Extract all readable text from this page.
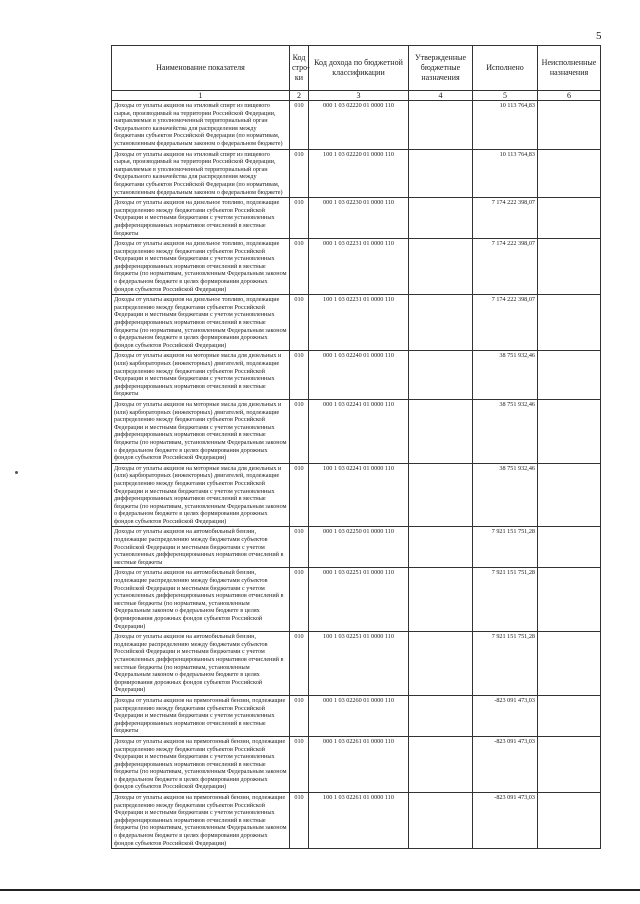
5
Наименование показателя	Код стро-ки	Код дохода по бюджетной классификации	Утвержденные бюджетные назначения	Исполнено	Неисполненные назначения
1	2	3	4	5	6
Доходы от уплаты акцизов на этиловый спирт из пищевого сырья, производимый на территории Российской Федерации, направляемые в уполномоченный территориальный орган Федерального казначейства для распределения между бюджетами субъектов Российской Федерации (по нормативам, установленным федеральным законом о федеральном бюджете)	010	000 1 03 02220 01 0000 110		10 113 764,83	
Доходы от уплаты акцизов на этиловый спирт из пищевого сырья, производимый на территории Российской Федерации, направляемые в уполномоченный территориальный орган Федерального казначейства для распределения между бюджетами субъектов Российской Федерации (по нормативам, установленным федеральным законом о федеральном бюджете)	010	100 1 03 02220 01 0000 110		10 113 764,83	
Доходы от уплаты акцизов на дизельное топливо, подлежащие распределению между бюджетами субъектов Российской Федерации и местными бюджетами с учетом установленных дифференцированных нормативов отчислений в местные бюджеты	010	000 1 03 02230 01 0000 110		7 174 222 398,07	
Доходы от уплаты акцизов на дизельное топливо, подлежащие распределению между бюджетами субъектов Российской Федерации и местными бюджетами с учетом установленных дифференцированных нормативов отчислений в местные бюджеты (по нормативам, установленным Федеральным законом о федеральном бюджете в целях формирования дорожных фондов субъектов Российской Федерации)	010	000 1 03 02231 01 0000 110		7 174 222 398,07	
Доходы от уплаты акцизов на дизельное топливо, подлежащие распределению между бюджетами субъектов Российской Федерации и местными бюджетами с учетом установленных дифференцированных нормативов отчислений в местные бюджеты (по нормативам, установленным Федеральным законом о федеральном бюджете в целях формирования дорожных фондов субъектов Российской Федерации)	010	100 1 03 02231 01 0000 110		7 174 222 398,07	
Доходы от уплаты акцизов на моторные масла для дизельных и (или) карбюраторных (инжекторных) двигателей, подлежащие распределению между бюджетами субъектов Российской Федерации и местными бюджетами с учетом установленных дифференцированных нормативов отчислений в местные бюджеты	010	000 1 03 02240 01 0000 110		38 751 932,46	
Доходы от уплаты акцизов на моторные масла для дизельных и (или) карбюраторных (инжекторных) двигателей, подлежащие распределению между бюджетами субъектов Российской Федерации и местными бюджетами с учетом установленных дифференцированных нормативов отчислений в местные бюджеты (по нормативам, установленным Федеральным законом о федеральном бюджете в целях формирования дорожных фондов субъектов Российской Федерации)	010	000 1 03 02241 01 0000 110		38 751 932,46	
Доходы от уплаты акцизов на моторные масла для дизельных и (или) карбюраторных (инжекторных) двигателей, подлежащие распределению между бюджетами субъектов Российской Федерации и местными бюджетами с учетом установленных дифференцированных нормативов отчислений в местные бюджеты (по нормативам, установленным Федеральным законом о федеральном бюджете в целях формирования дорожных фондов субъектов Российской Федерации)	010	100 1 03 02241 01 0000 110		38 751 932,46	
Доходы от уплаты акцизов на автомобильный бензин, подлежащие распределению между бюджетами субъектов Российской Федерации и местными бюджетами с учетом установленных дифференцированных нормативов отчислений в местные бюджеты	010	000 1 03 02250 01 0000 110		7 921 151 751,28	
Доходы от уплаты акцизов на автомобильный бензин, подлежащие распределению между бюджетами субъектов Российской Федерации и местными бюджетами с учетом установленных дифференцированных нормативов отчислений в местные бюджеты (по нормативам, установленным Федеральным законом о федеральном бюджете в целях формирования дорожных фондов субъектов Российской Федерации)	010	000 1 03 02251 01 0000 110		7 921 151 751,28	
Доходы от уплаты акцизов на автомобильный бензин, подлежащие распределению между бюджетами субъектов Российской Федерации и местными бюджетами с учетом установленных дифференцированных нормативов отчислений в местные бюджеты (по нормативам, установленным Федеральным законом о федеральном бюджете в целях формирования дорожных фондов субъектов Российской Федерации)	010	100 1 03 02251 01 0000 110		7 921 151 751,28	
Доходы от уплаты акцизов на прямогонный бензин, подлежащие распределению между бюджетами субъектов Российской Федерации и местными бюджетами с учетом установленных дифференцированных нормативов отчислений в местные бюджеты	010	000 1 03 02260 01 0000 110		-823 091 473,03	
Доходы от уплаты акцизов на прямогонный бензин, подлежащие распределению между бюджетами субъектов Российской Федерации и местными бюджетами с учетом установленных дифференцированных нормативов отчислений в местные бюджеты (по нормативам, установленным Федеральным законом о федеральном бюджете в целях формирования дорожных фондов субъектов Российской Федерации)	010	000 1 03 02261 01 0000 110		-823 091 473,03	
Доходы от уплаты акцизов на прямогонный бензин, подлежащие распределению между бюджетами субъектов Российской Федерации и местными бюджетами с учетом установленных дифференцированных нормативов отчислений в местные бюджеты (по нормативам, установленным Федеральным законом о федеральном бюджете в целях формирования дорожных фондов субъектов Российской Федерации)	010	100 1 03 02261 01 0000 110		-823 091 473,03	
